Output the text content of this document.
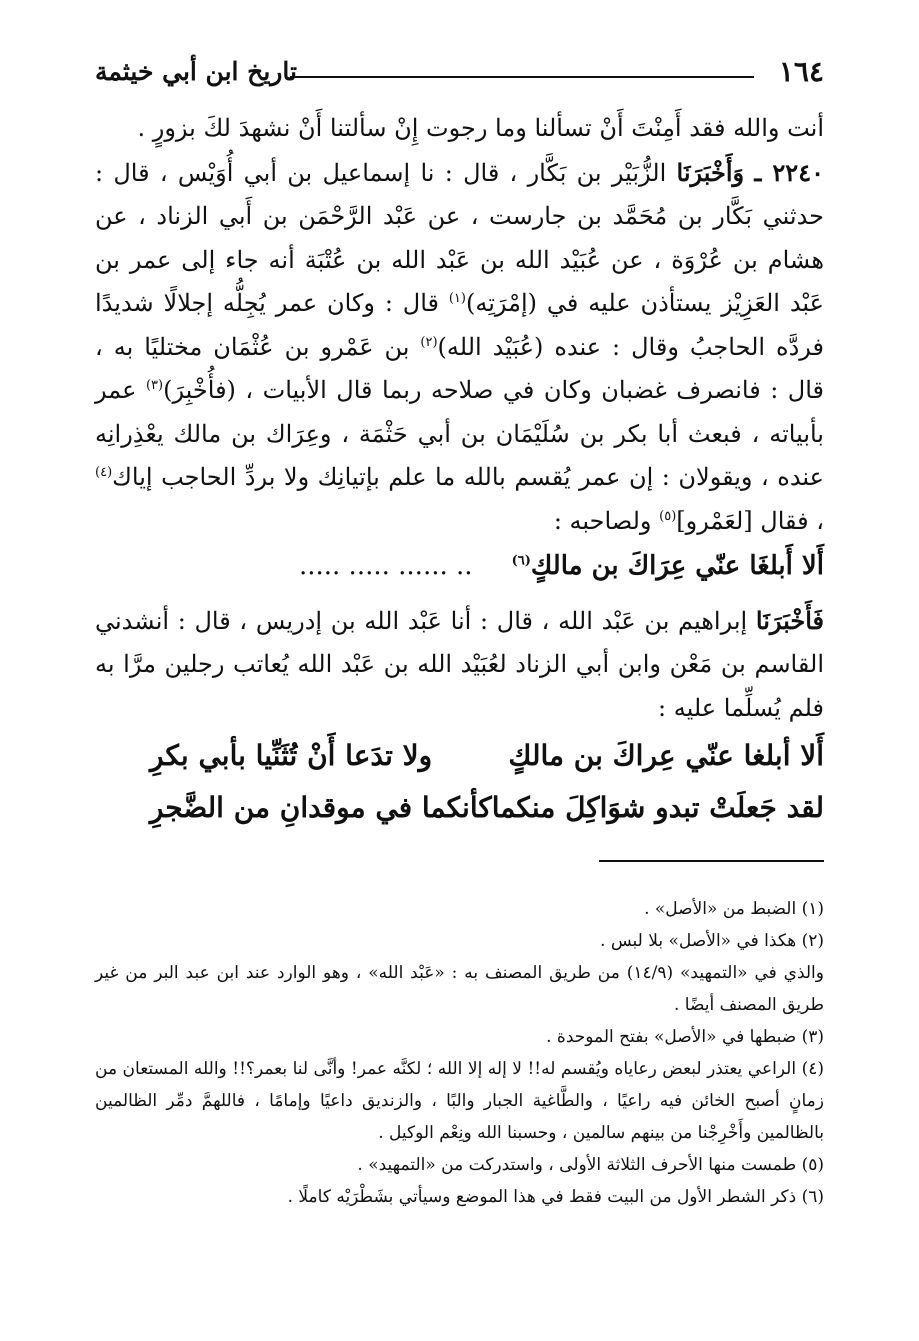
١٦٤
تاريخ ابن أبي خيثمة

أنت والله فقد أَمِنْتَ أَنْ تسألنا وما رجوت إِنْ سألتنا أَنْ نشهدَ لكَ بزورٍ .

٢٢٤٠ ـ وَأَخْبَرَنَا الزُّبَيْر بن بَكَّار ، قال : نا إسماعيل بن أبي أُوَيْس ، قال : حدثني بَكَّار بن مُحَمَّد بن جارست ، عن عَبْد الرَّحْمَن بن أَبي الزناد ، عن هشام بن عُرْوَة ، عن عُبَيْد الله بن عَبْد الله بن عُتْبَة أنه جاء إلى عمر بن عَبْد العَزِيْز يستأذن عليه في (إمْرَتِه)$^{(١)}$ قال : وكان عمر يُجِلُّه إجلالًا شديدًا فردَّه الحاجبُ وقال : عنده (عُبَيْد الله)$^{(٢)}$ بن عَمْرو بن عُثْمَان مختليًا به ، قال : فانصرف غضبان وكان في صلاحه ربما قال الأبيات ، (فأُخْبِرَ)$^{(٣)}$ عمر بأبياته ، فبعث أبا بكر بن سُلَيْمَان بن أبي حَثْمَة ، وعِرَاك بن مالك يعْذِرانِه عنده ، ويقولان : إن عمر يُقسم بالله ما علم بإتيانِك ولا بردِّ الحاجب إياك$^{(٤)}$ ، فقال [لعَمْرو]$^{(٥)}$ ولصاحبه :

أَلا أَبلغَا عنّي عِرَاكَ بن مالكٍ$^{(٦)}$ .. ...... ..... .....

فَأَخْبَرَنَا إبراهيم بن عَبْد الله ، قال : أنا عَبْد الله بن إدريس ، قال : أنشدني القاسم بن مَعْن وابن أبي الزناد لعُبَيْد الله بن عَبْد الله يُعاتب رجلين مرَّا به فلم يُسلِّما عليه :

أَلا أبلغا عنّي عِراكَ بن مالكٍ
ولا تدَعا أَنْ تُثَنِّيا بأبي بكرِ
لقد جَعلَتْ تبدو شوَاكِلَ منكما
كأنكما في موقدانِ من الضَّجرِ

(١) الضبط من «الأصل» .

(٢) هكذا في «الأصل» بلا لبس .

والذي في «التمهيد» (١٤/٩) من طريق المصنف به : «عَبْد الله» ، وهو الوارد عند ابن عبد البر من غير طريق المصنف أيضًا .

(٣) ضبطها في «الأصل» بفتح الموحدة .

(٤) الراعي يعتذر لبعض رعاياه ويُقسم له!! لا إله إلا الله ؛ لكنَّه عمر! وأنَّى لنا بعمر؟!! والله المستعان من زمانٍ أصبح الخائن فيه راعيًا ، والطَّاغية الجبار والبًا ، والزنديق داعيًا وإمامًا ، فاللهمَّ دمِّر الظالمين بالظالمين وأَخْرِجْنا من بينهم سالمين ، وحسبنا الله ونِعْم الوكيل .

(٥) طمست منها الأحرف الثلاثة الأولى ، واستدركت من «التمهيد» .

(٦) ذكر الشطر الأول من البيت فقط في هذا الموضع وسيأتي بشَطْرَيْه كاملًا .
